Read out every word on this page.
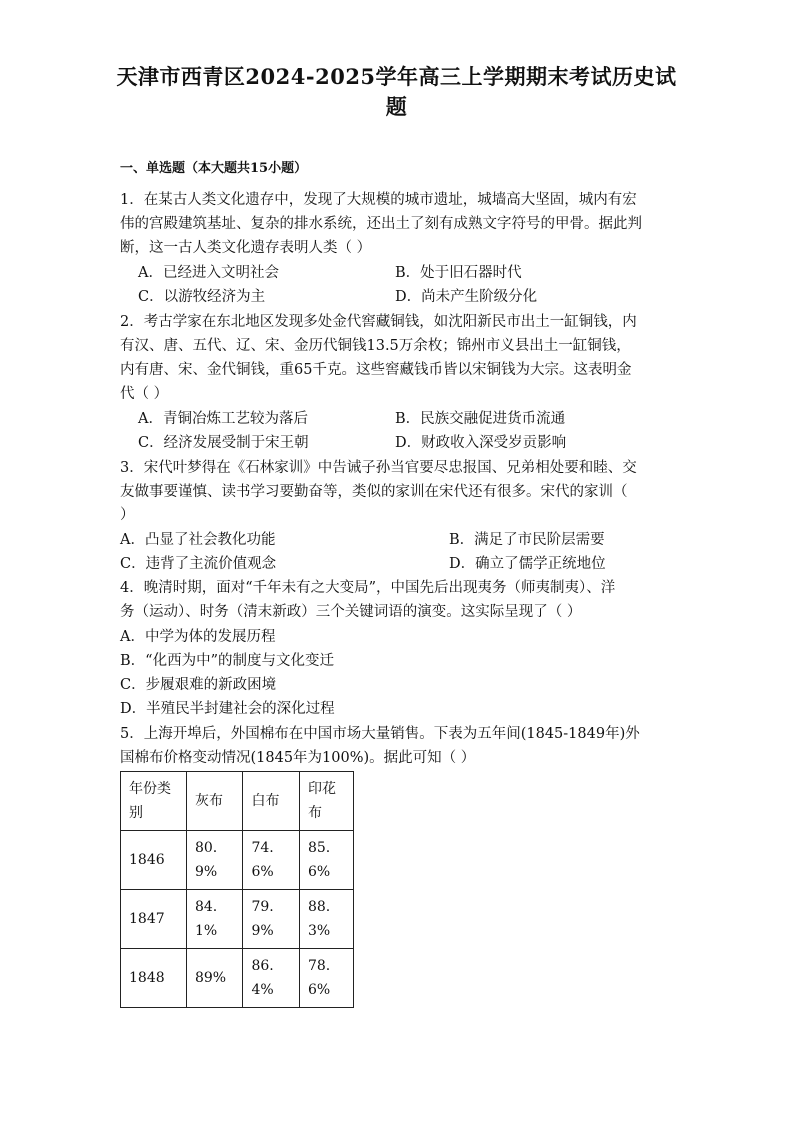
天津市西青区2024-2025学年高三上学期期末考试历史试
题
一、单选题（本大题共15小题）
1．在某古人类文化遗存中，发现了大规模的城市遗址，城墙高大坚固，城内有宏
伟的宫殿建筑基址、复杂的排水系统，还出土了刻有成熟文字符号的甲骨。据此判
断，这一古人类文化遗存表明人类（ ）
A．已经进入文明社会	B．处于旧石器时代
C．以游牧经济为主	D．尚未产生阶级分化
2．考古学家在东北地区发现多处金代窖藏铜钱，如沈阳新民市出土一缸铜钱，内
有汉、唐、五代、辽、宋、金历代铜钱13.5万余枚；锦州市义县出土一缸铜钱，
内有唐、宋、金代铜钱，重65千克。这些窖藏钱币皆以宋铜钱为大宗。这表明金
代（ ）
A．青铜冶炼工艺较为落后	B．民族交融促进货币流通
C．经济发展受制于宋王朝	D．财政收入深受岁贡影响
3．宋代叶梦得在《石林家训》中告诫子孙当官要尽忠报国、兄弟相处要和睦、交
友做事要谨慎、读书学习要勤奋等，类似的家训在宋代还有很多。宋代的家训（
）
A．凸显了社会教化功能	B．满足了市民阶层需要
C．违背了主流价值观念	D．确立了儒学正统地位
4．晚清时期，面对“千年未有之大变局”，中国先后出现夷务（师夷制夷）、洋
务（运动）、时务（清末新政）三个关键词语的演变。这实际呈现了（ ）
A．中学为体的发展历程
B．“化西为中”的制度与文化变迁
C．步履艰难的新政困境
D．半殖民半封建社会的深化过程
5．上海开埠后，外国棉布在中国市场大量销售。下表为五年间(1845-1849年)外
国棉布价格变动情况(1845年为100%)。据此可知（ ）
年份类别	灰布	白布	印花布
1846	80.9%	74.6%	85.6%
1847	84.1%	79.9%	88.3%
1848	89%	86.4%	78.6%
